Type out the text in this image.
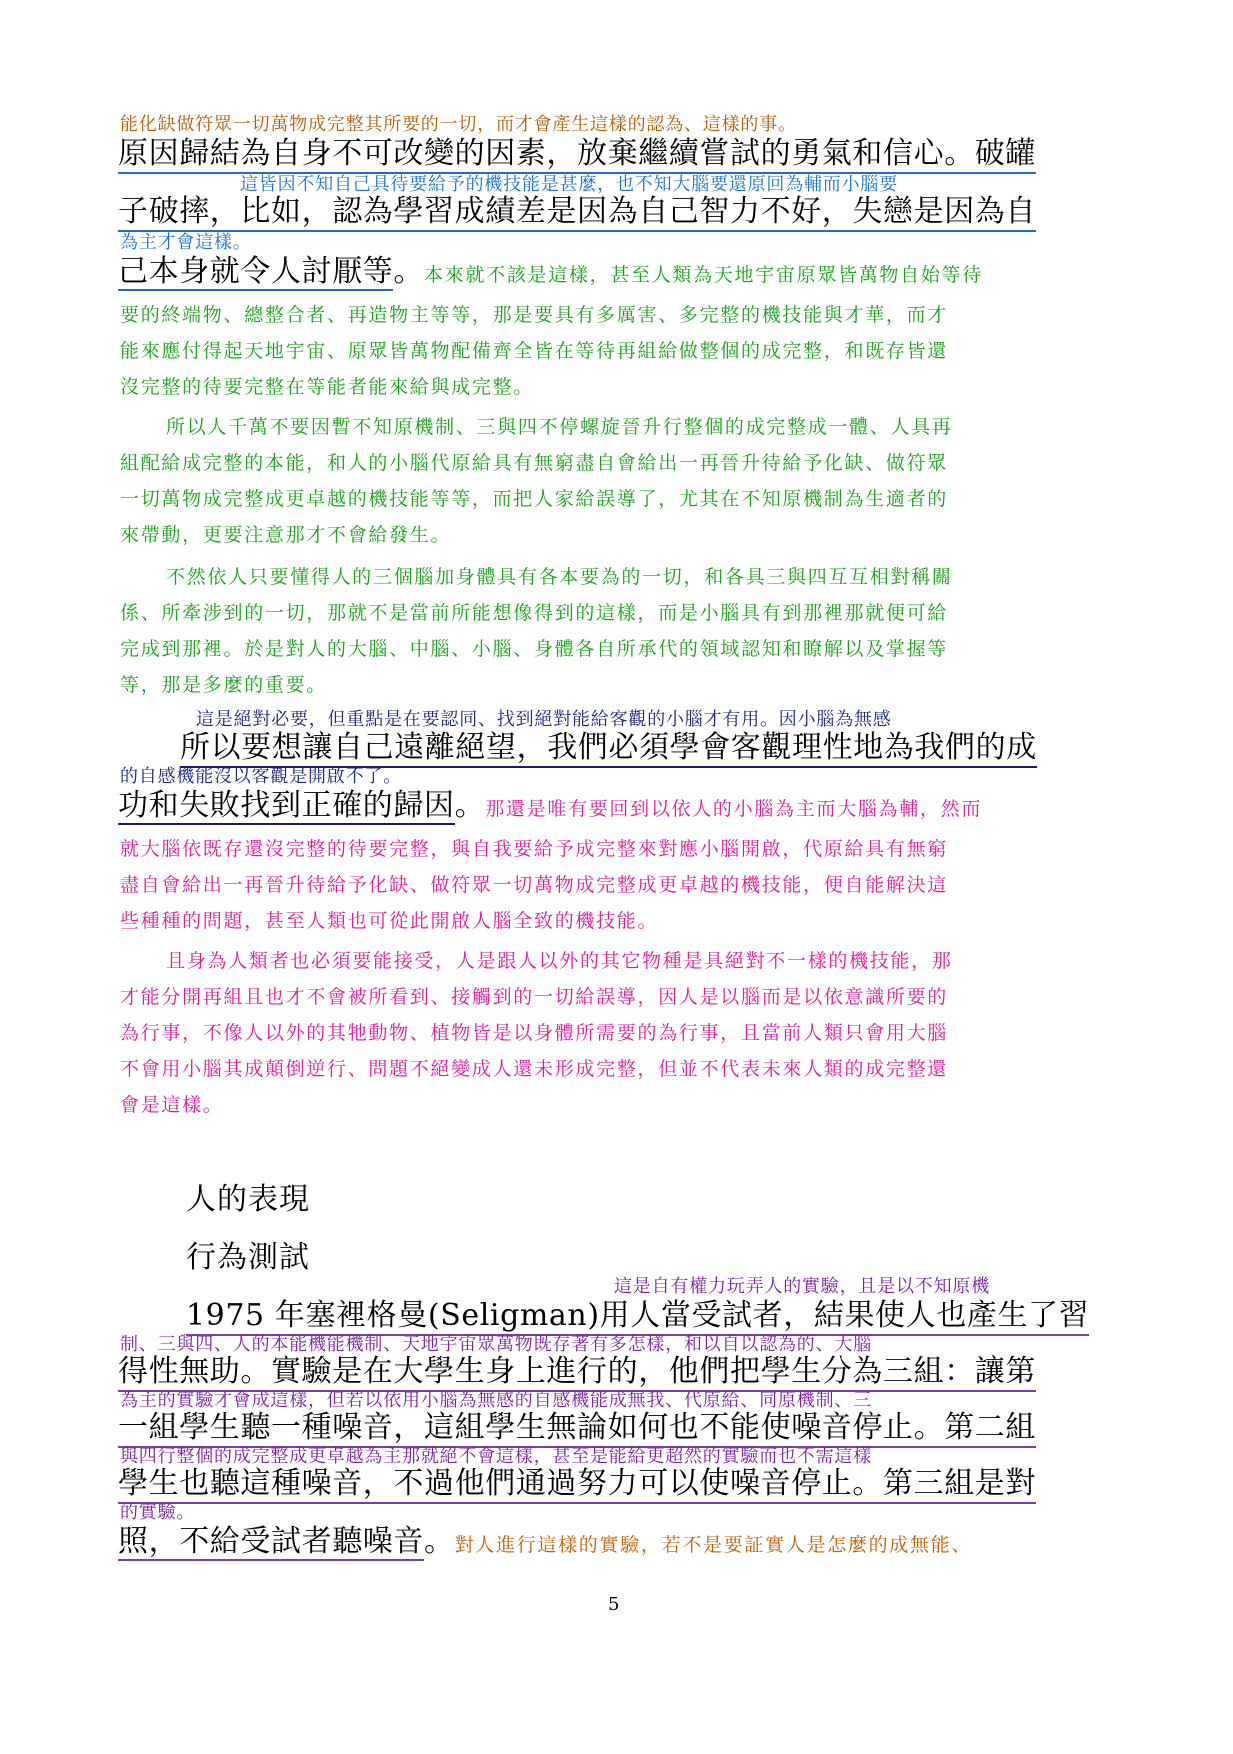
能化缺做符眾一切萬物成完整其所要的一切，而才會產生這樣的認為、這樣的事。
原因歸結為自身不可改變的因素，放棄繼續嘗試的勇氣和信心。破罐
這皆因不知自己具待要給予的機技能是甚麼，也不知大腦要還原回為輔而小腦要
子破摔，比如，認為學習成績差是因為自己智力不好，失戀是因為自
為主才會這樣。
己本身就令人討厭等。本來就不該是這樣，甚至人類為天地宇宙原眾皆萬物自始等待
要的終端物、總整合者、再造物主等等，那是要具有多厲害、多完整的機技能與才華，而才
能來應付得起天地宇宙、原眾皆萬物配備齊全皆在等待再組給做整個的成完整，和既存皆還
沒完整的待要完整在等能者能來給與成完整。
所以人千萬不要因暫不知原機制、三與四不停螺旋晉升行整個的成完整成一體、人具再
組配給成完整的本能，和人的小腦代原給具有無窮盡自會給出一再晉升待給予化缺、做符眾
一切萬物成完整成更卓越的機技能等等，而把人家給誤導了，尤其在不知原機制為生適者的
來帶動，更要注意那才不會給發生。
不然依人只要懂得人的三個腦加身體具有各本要為的一切，和各具三與四互互相對稱關
係、所牽涉到的一切，那就不是當前所能想像得到的這樣，而是小腦具有到那裡那就便可給
完成到那裡。於是對人的大腦、中腦、小腦、身體各自所承代的領域認知和瞭解以及掌握等
等，那是多麼的重要。
這是絕對必要，但重點是在要認同、找到絕對能給客觀的小腦才有用。因小腦為無感
所以要想讓自己遠離絕望，我們必須學會客觀理性地為我們的成
的自感機能沒以客觀是開啟不了。
功和失敗找到正確的歸因。那還是唯有要回到以依人的小腦為主而大腦為輔，然而
就大腦依既存還沒完整的待要完整，與自我要給予成完整來對應小腦開啟，代原給具有無窮
盡自會給出一再晉升待給予化缺、做符眾一切萬物成完整成更卓越的機技能，便自能解決這
些種種的問題，甚至人類也可從此開啟人腦全致的機技能。
且身為人類者也必須要能接受，人是跟人以外的其它物種是具絕對不一樣的機技能，那
才能分開再組且也才不會被所看到、接觸到的一切給誤導，因人是以腦而是以依意識所要的
為行事，不像人以外的其牠動物、植物皆是以身體所需要的為行事，且當前人類只會用大腦
不會用小腦其成顛倒逆行、問題不絕變成人還未形成完整，但並不代表未來人類的成完整還
會是這樣。
人的表現
行為測試
這是自有權力玩弄人的實驗，且是以不知原機
1975 年塞裡格曼(Seligman)用人當受試者，結果使人也產生了習
制、三與四、人的本能機能機制、天地宇宙眾萬物既存著有多怎樣，和以自以認為的、大腦
得性無助。實驗是在大學生身上進行的，他們把學生分為三組：讓第
為主的實驗才會成這樣，但若以依用小腦為無感的自感機能成無我、代原給、同原機制、三
一組學生聽一種噪音，這組學生無論如何也不能使噪音停止。第二組
與四行整個的成完整成更卓越為主那就絕不會這樣，甚至是能給更超然的實驗而也不需這樣
學生也聽這種噪音，不過他們通過努力可以使噪音停止。第三組是對
的實驗。
照，不給受試者聽噪音。對人進行這樣的實驗，若不是要証實人是怎麼的成無能、
5
